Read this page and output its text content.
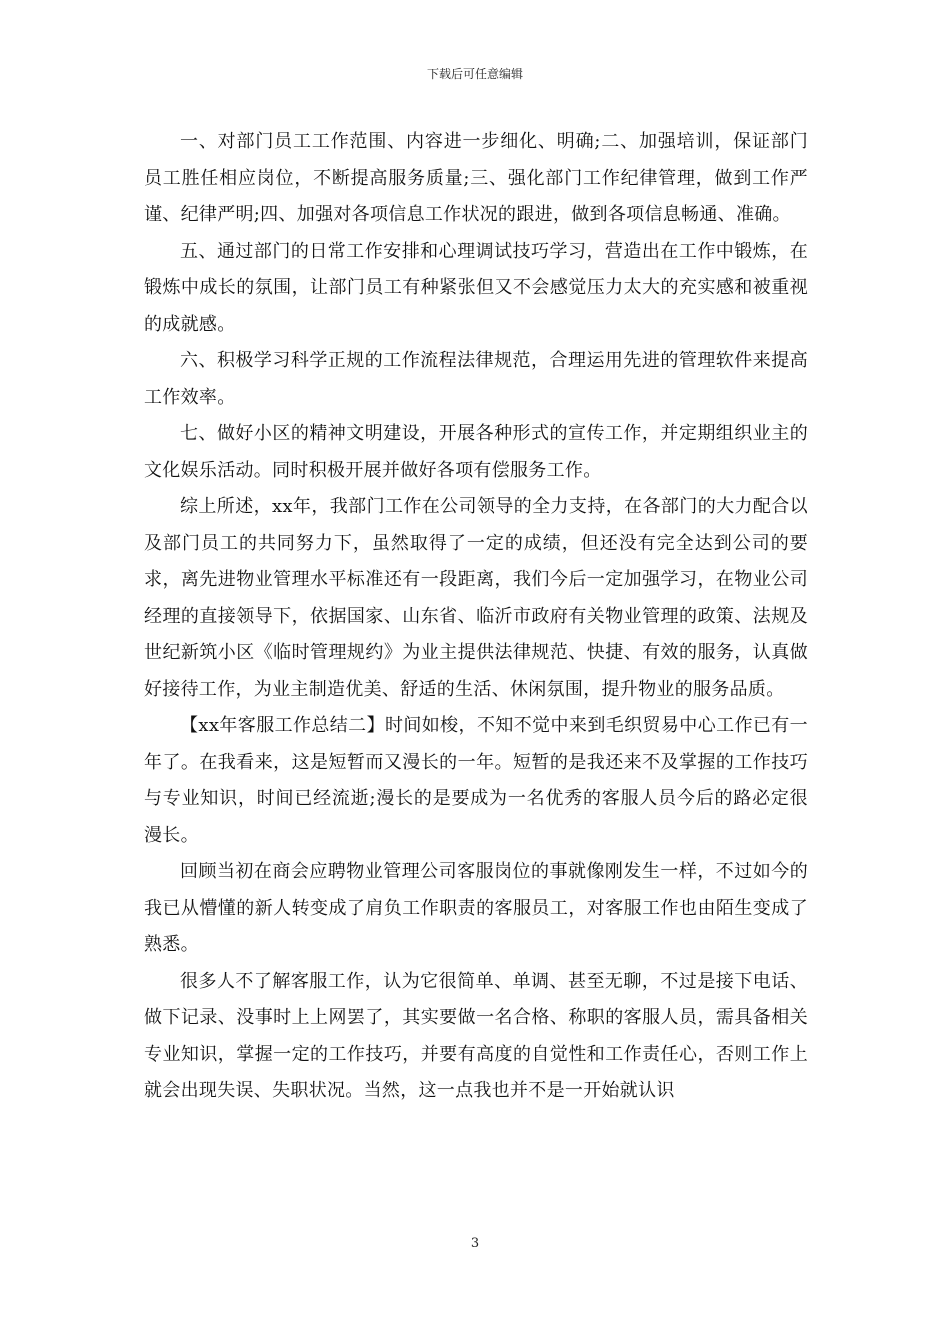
下载后可任意编辑

一、对部门员工工作范围、内容进一步细化、明确;二、加强培训，保证部门员工胜任相应岗位，不断提高服务质量;三、强化部门工作纪律管理，做到工作严谨、纪律严明;四、加强对各项信息工作状况的跟进，做到各项信息畅通、准确。

五、通过部门的日常工作安排和心理调试技巧学习，营造出在工作中锻炼，在锻炼中成长的氛围，让部门员工有种紧张但又不会感觉压力太大的充实感和被重视的成就感。

六、积极学习科学正规的工作流程法律规范，合理运用先进的管理软件来提高工作效率。

七、做好小区的精神文明建设，开展各种形式的宣传工作，并定期组织业主的文化娱乐活动。同时积极开展并做好各项有偿服务工作。

综上所述，xx年，我部门工作在公司领导的全力支持，在各部门的大力配合以及部门员工的共同努力下，虽然取得了一定的成绩，但还没有完全达到公司的要求，离先进物业管理水平标准还有一段距离，我们今后一定加强学习，在物业公司经理的直接领导下，依据国家、山东省、临沂市政府有关物业管理的政策、法规及世纪新筑小区《临时管理规约》为业主提供法律规范、快捷、有效的服务，认真做好接待工作，为业主制造优美、舒适的生活、休闲氛围，提升物业的服务品质。

【xx年客服工作总结二】时间如梭，不知不觉中来到毛织贸易中心工作已有一年了。在我看来，这是短暂而又漫长的一年。短暂的是我还来不及掌握的工作技巧与专业知识，时间已经流逝;漫长的是要成为一名优秀的客服人员今后的路必定很漫长。

回顾当初在商会应聘物业管理公司客服岗位的事就像刚发生一样，不过如今的我已从懵懂的新人转变成了肩负工作职责的客服员工，对客服工作也由陌生变成了熟悉。

很多人不了解客服工作，认为它很简单、单调、甚至无聊，不过是接下电话、做下记录、没事时上上网罢了，其实要做一名合格、称职的客服人员，需具备相关专业知识，掌握一定的工作技巧，并要有高度的自觉性和工作责任心，否则工作上就会出现失误、失职状况。当然，这一点我也并不是一开始就认识

3
